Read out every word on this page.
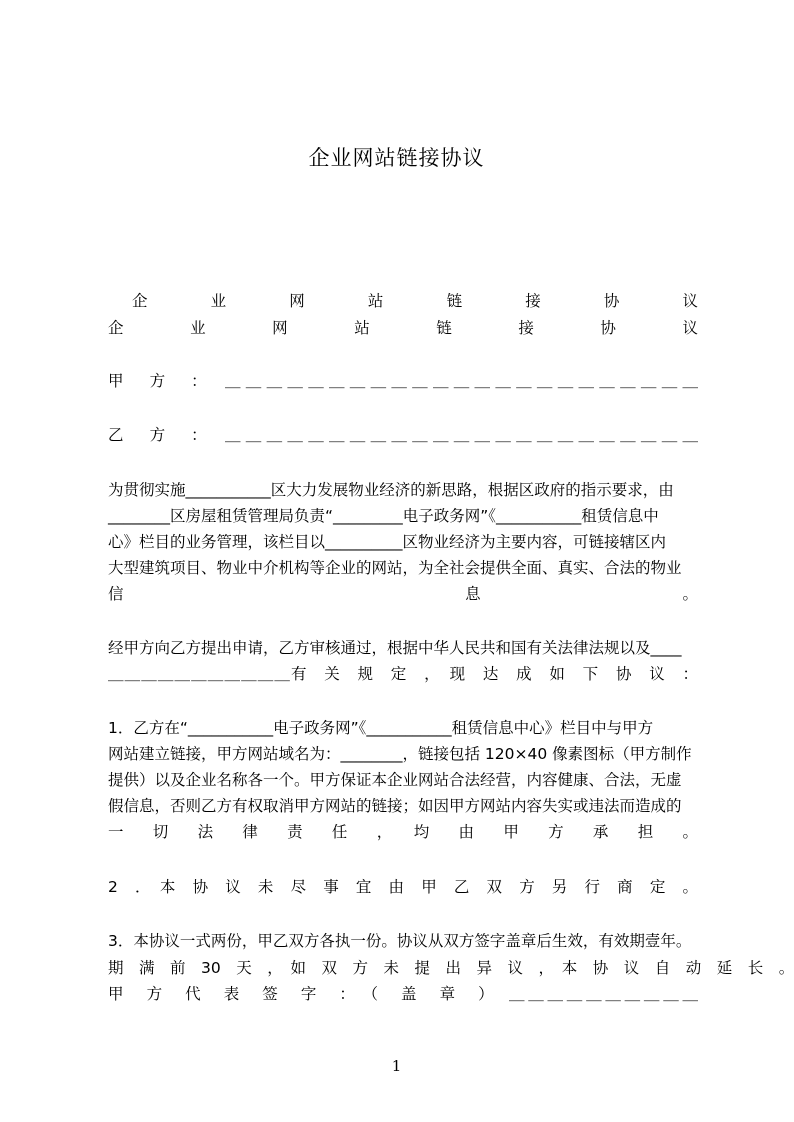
企业网站链接协议
企　业　网　站　链　接　协　议
企　业　网　站　链　接　协　议
甲　方　：　＿＿＿＿＿＿＿＿＿＿＿＿＿＿＿＿＿＿＿＿＿＿＿
乙　方　：　＿＿＿＿＿＿＿＿＿＿＿＿＿＿＿＿＿＿＿＿＿＿＿
为贯彻实施___________区大力发展物业经济的新思路，根据区政府的指示要求，由
________区房屋租赁管理局负责“_________电子政务网”《___________租赁信息中
心》栏目的业务管理，该栏目以__________区物业经济为主要内容，可链接辖区内
大型建筑项目、物业中介机构等企业的网站，为全社会提供全面、真实、合法的物业
信　　　　　　　　　　　　　　　　　　　　　　息　　　　　　　　　　　　　。
经甲方向乙方提出申请，乙方审核通过，根据中华人民共和国有关法律法规以及____
＿＿＿＿＿＿＿＿＿＿＿有　关　规　定　，　现　达　成　如　下　协　议　：
1．乙方在“___________电子政务网”《___________租赁信息中心》栏目中与甲方
网站建立链接，甲方网站域名为：________，链接包括 120×40 像素图标（甲方制作
提供）以及企业名称各一个。甲方保证本企业网站合法经营，内容健康、合法，无虚
假信息，否则乙方有权取消甲方网站的链接；如因甲方网站内容失实或违法而造成的
一　切　法　律　责　任　，　均　由　甲　方　承　担　。
2　．　本　协　议　未　尽　事　宜　由　甲　乙　双　方　另　行　商　定　。
3．本协议一式两份，甲乙双方各执一份。协议从双方签字盖章后生效，有效期壹年。
期　满　前　30　天　，　如　双　方　未　提　出　异　议　，　本　协　议　自　动　延　长　。
甲　方　代　表　签　字　：　（　盖　章　）　＿＿＿＿＿＿＿＿＿＿
1
